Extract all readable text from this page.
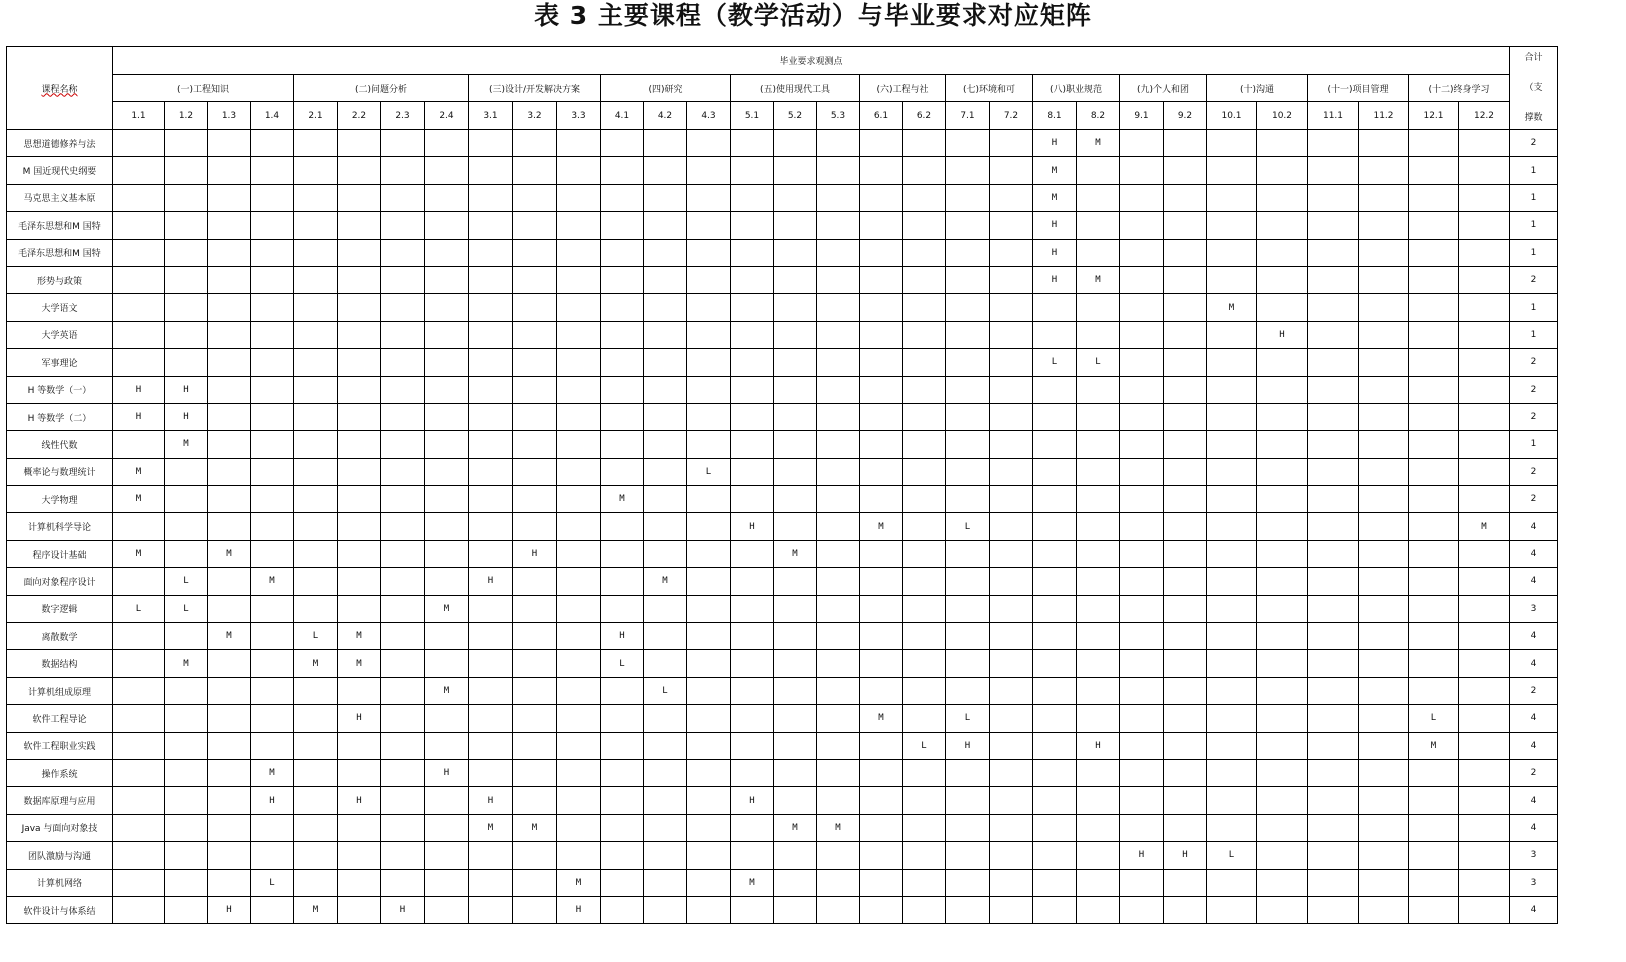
表 3 主要课程（教学活动）与毕业要求对应矩阵
课程名称	毕业要求观测点																															合计
（支
撑数

	(一)工程知识				(二)问题分析				(三)设计/开发解决方案			(四)研究			(五)使用现代工具			(六)工程与社		(七)环境和可		(八)职业规范		(九)个人和团		(十)沟通		(十一)项目管理		(十二)终身学习		
	1.1	1.2	1.3	1.4	2.1	2.2	2.3	2.4	3.1	3.2	3.3	4.1	4.2	4.3	5.1	5.2	5.3	6.1	6.2	7.1	7.2	8.1	8.2	9.1	9.2	10.1	10.2	11.1	11.2	12.1	12.2	
思想道德修养与法																						H	M									2
M 国近现代史纲要																						M										1
马克思主义基本原																						M										1
毛泽东思想和M 国特																						H										1
毛泽东思想和M 国特																						H										1
形势与政策																						H	M									2
大学语文																										M						1
大学英语																											H					1
军事理论																						L	L									2
H 等数学（一）	H	H																														2
H 等数学（二）	H	H																														2
线性代数		M																														1
概率论与数理统计	M													L																		2
大学物理	M											M																				2
计算机科学导论															H			M		L											M	4
程序设计基础	M		M							H						M																4
面向对象程序设计		L		M					H				M																			4
数字逻辑	L	L						M																								3
离散数学			M		L	M						H																				4
数据结构		M			M	M						L																				4
计算机组成原理								M					L																			2
软件工程导论						H												M		L										L		4
软件工程职业实践																			L	H			H							M		4
操作系统				M				H																								2
数据库原理与应用				H		H			H						H																	4
Java 与面向对象技									M	M						M	M															4
团队激励与沟通																								H	H	L						3
计算机网络				L							M				M																	3
软件设计与体系结			H		M		H				H																					4
